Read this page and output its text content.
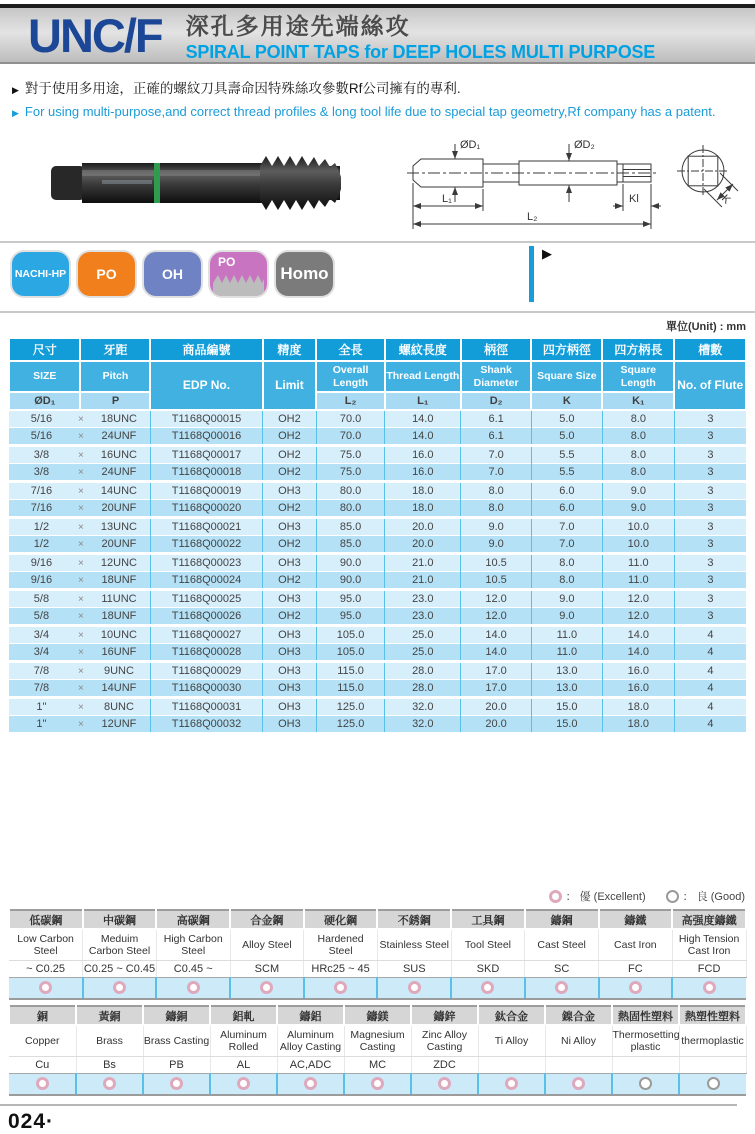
UNC/F 深孔多用途先端絲攻
SPIRAL POINT TAPS for DEEP HOLES MULTI PURPOSE
▶ 對于使用多用途，正確的螺紋刀具壽命因特殊絲攻參數Rf公司擁有的專利.
▶ For using multi-purpose,and correct thread profiles & long tool life due to special tap geometry,Rf company has a patent.
ØD₁	ØD₂
L₁
L₂
Kl	K
NACHI-HP PO	OH
PO
Homo
▶
單位(Unit) : mm
尺寸	牙距	商品編號	精度	全長	螺紋長度	柄徑	四方柄徑	四方柄長	槽數
SIZE	Pitch	EDP No.	Limit	Overall Length	Thread Length	Shank Diameter	Square Size	Square Length	No. of Flute
ØD₁	P			L₂	L₁	D₂	K	K₁	
5/16 × 18UNC		T1168Q00015	OH2	70.0	14.0	6.1	5.0	8.0	3
5/16 × 24UNF		T1168Q00016	OH2	70.0	14.0	6.1	5.0	8.0	3
3/8 × 16UNC		T1168Q00017	OH2	75.0	16.0	7.0	5.5	8.0	3
3/8 × 24UNF		T1168Q00018	OH2	75.0	16.0	7.0	5.5	8.0	3
7/16 × 14UNC		T1168Q00019	OH3	80.0	18.0	8.0	6.0	9.0	3
7/16 × 20UNF		T1168Q00020	OH2	80.0	18.0	8.0	6.0	9.0	3
1/2 × 13UNC		T1168Q00021	OH3	85.0	20.0	9.0	7.0	10.0	3
1/2 × 20UNF		T1168Q00022	OH2	85.0	20.0	9.0	7.0	10.0	3
9/16 × 12UNC		T1168Q00023	OH3	90.0	21.0	10.5	8.0	11.0	3
9/16 × 18UNF		T1168Q00024	OH2	90.0	21.0	10.5	8.0	11.0	3
5/8 × 11UNC		T1168Q00025	OH3	95.0	23.0	12.0	9.0	12.0	3
5/8 × 18UNF		T1168Q00026	OH2	95.0	23.0	12.0	9.0	12.0	3
3/4 × 10UNC		T1168Q00027	OH3	105.0	25.0	14.0	11.0	14.0	4
3/4 × 16UNF		T1168Q00028	OH3	105.0	25.0	14.0	11.0	14.0	4
7/8 × 9UNC		T1168Q00029	OH3	115.0	28.0	17.0	13.0	16.0	4
7/8 × 14UNF		T1168Q00030	OH3	115.0	28.0	17.0	13.0	16.0	4
1" × 8UNC		T1168Q00031	OH3	125.0	32.0	20.0	15.0	18.0	4
1" × 12UNF		T1168Q00032	OH3	125.0	32.0	20.0	15.0	18.0	4
： 優 (Excellent)	： 良 (Good)
低碳鋼	中碳鋼	高碳鋼	合金鋼	硬化鋼	不銹鋼	工具鋼	鑄鋼	鑄鐵	高强度鑄鐵
Low Carbon Steel	Meduim Carbon Steel	High Carbon Steel	Alloy Steel	Hardened Steel	Stainless Steel	Tool Steel	Cast Steel	Cast Iron	High Tension Cast Iron
~ C0.25	C0.25 ~ C0.45	C0.45 ~	SCM	HRc25 ~ 45	SUS	SKD	SC	FC	FCD

銅	黃銅	鑄銅	鋁軋	鑄鋁	鑄鎂	鑄鋅	鈦合金	鎳合金	熱固性塑料	熱塑性塑料
Copper	Brass	Brass Casting	Aluminum Rolled	Aluminum Alloy Casting	Magnesium Casting	Zinc Alloy Casting	Ti Alloy	Ni Alloy	Thermosetting plastic	thermoplastic
Cu	Bs	PB	AL	AC,ADC	MC	ZDC				

024·
